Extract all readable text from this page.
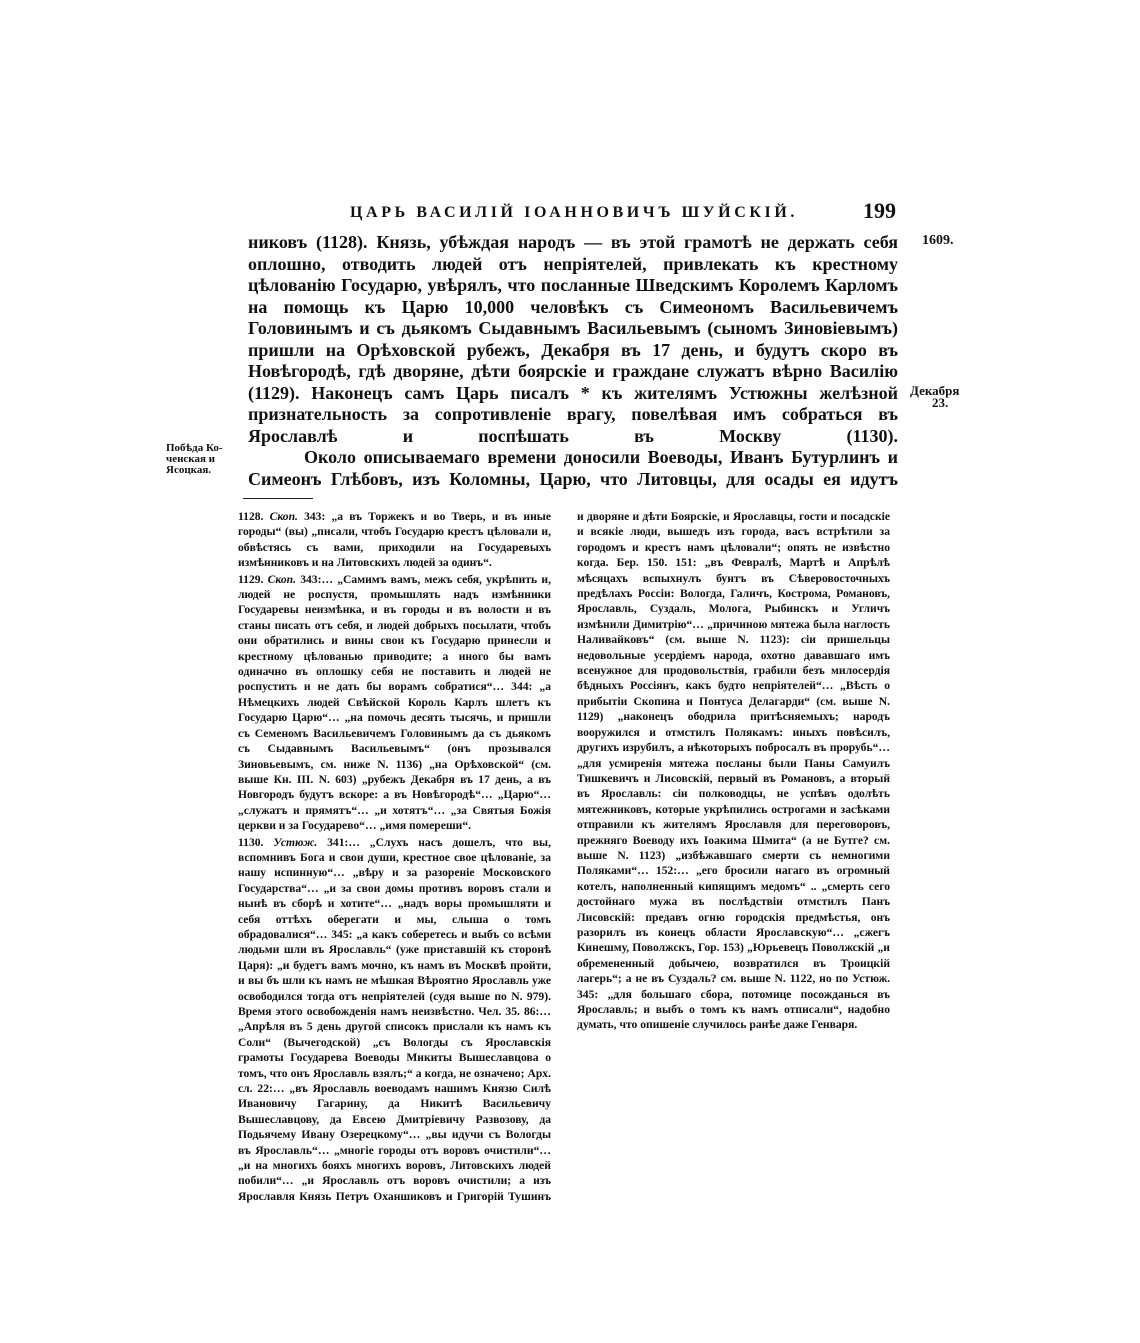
ЦАРЬ ВАСИЛІЙ ІОАННОВИЧЪ ШУЙСКІЙ.	199
1609.
Декабря
23.
Побѣда Ко-
ченская и
Ясоцкая.

никовъ (1128). Князь, убѣждая народъ — въ этой грамотѣ не держать себя оплошно, отводить людей отъ непріятелей, привлекать къ крестному цѣлованію Государю, увѣрялъ, что посланные Шведскимъ Королемъ Карломъ на помощь къ Царю 10,000 человѣкъ съ Симеономъ Васильевичемъ Головинымъ и съ дьякомъ Сыдавнымъ Васильевымъ (сыномъ Зиновіевымъ) пришли на Орѣховской рубежъ, Декабря въ 17 день, и будутъ скоро въ Новѣгородѣ, гдѣ дворяне, дѣти боярскіе и граждане служатъ вѣрно Василію (1129). Наконецъ самъ Царь писалъ * къ жителямъ Устюжны желѣзной признательность за сопротивленіе врагу, повелѣвая имъ собраться въ Ярославлѣ и поспѣшать въ Москву (1130).

Около описываемаго времени доносили Воеводы, Иванъ Бутурлинъ и Симеонъ Глѣбовъ, изъ Коломны, Царю, что Литовцы, для осады ея идутъ

1128. Скоп. 343: „а въ Торжекъ и во Тверь, и въ иные городы“ (вы) „писали, чтобъ Государю крестъ цѣловали и, обвѣстясь съ вами, приходили на Государевыхъ измѣнниковъ и на Литовскихъ людей за одинъ“.

1129. Скоп. 343:… „Самимъ вамъ, межъ себя, укрѣпить и, людей не роспустя, промышлять надъ измѣнники Государевы неизмѣнка, и въ городы и въ волости и въ станы писать отъ себя, и людей добрыхъ посылати, чтобъ они обратились и вины свои къ Государю принесли и крестному цѣлованью приводите; а иного бы вамъ одиначно въ оплошку себя не поставить и людей не роспустить и не дать бы ворамъ собратися“… 344: „а Нѣмецкихъ людей Свѣйской Король Карлъ шлетъ къ Государю Царю“… „на помочь десять тысячь, и пришли съ Семеномъ Васильевичемъ Головинымъ да съ дьякомъ съ Сыдавнымъ Васильевымъ“ (онъ прозывался Зиновьевымъ, см. ниже N. 1136) „на Орѣховской“ (см. выше Кн. III. N. 603) „рубежъ Декабря въ 17 день, а въ Новгородъ будутъ вскоре: а въ Новѣгородѣ“… „Царю“… „служатъ и прямятъ“… „и хотятъ“… „за Святыя Божія церкви и за Государево“… „имя помереши“.

1130. Устюж. 341:… „Слухъ насъ дошелъ, что вы, вспомнивъ Бога и свои души, крестное свое цѣлованіе, за нашу испинную“… „вѣру и за разореніе Московского Государства“… „и за свои домы противъ воровъ стали и нынѣ въ сборѣ и хотите“… „надъ воры промышляти и себя оттѣхъ оберегати и мы, слыша о томъ обрадовалися“… 345: „а какъ соберетесь и выбъ со всѣми людьми шли въ Ярославль“ (уже приставшій къ сторонѣ Царя): „и будетъ вамъ мочно, къ намъ въ Москвѣ пройти, и вы бъ шли къ намъ не мѣшкая Вѣроятно Ярославль уже освободился тогда отъ непріятелей (судя выше по N. 979). Время этого освобожденія намъ неизвѣстно. Чел. 35. 86:… „Апрѣля въ 5 день другой списокъ прислали къ намъ къ Соли“ (Вычегодской) „съ Вологды съ Ярославскія грамоты Государева Воеводы Микиты Вышеславцова о томъ, что онъ Ярославль взялъ;“ а когда, не означено; Арх. сл. 22:… „въ Ярославль воеводамъ нашимъ Князю Силѣ Ивановичу Гагарину, да Никитѣ Васильевичу Вышеславцову, да Евсею Дмитріевичу Развозову, да Подьячему Ивану Озерецкому“… „вы идучи съ Вологды въ Ярославль“… „многіе городы отъ воровъ очистили“… „и на многихъ бояхъ многихъ воровъ, Литовскихъ людей побили“… „и Ярославль отъ воровъ очистили; а изъ Ярославля Князь Петръ Оханшиковъ и Григорій Тушинъ и дворяне и дѣти Боярскіе, и Ярославцы, гости и посадскіе и всякіе люди, вышедъ изъ города, васъ встрѣтили за городомъ и крестъ намъ цѣловали“; опять не извѣстно когда. Бер. 150. 151: „въ Февралѣ, Мартѣ и Апрѣлѣ мѣсяцахъ вспыхнулъ бунтъ въ Сѣверовосточныхъ предѣлахъ Россіи: Вологда, Галичъ, Кострома, Романовъ, Ярославль, Суздаль, Молога, Рыбинскъ и Угличъ измѣнили Димитрію“… „причиною мятежа была наглость Наливайковъ“ (см. выше N. 1123): сіи пришельцы недовольные усердіемъ народа, охотно дававшаго имъ всенужное для продовольствія, грабили безъ милосердія бѣдныхъ Россіянъ, какъ будто непріятелей“… „Вѣсть о прибытіи Скопина и Понтуса Делагарди“ (см. выше N. 1129) „наконецъ ободрила притѣсняемыхъ; народъ вооружился и отмстилъ Полякамъ: иныхъ повѣсилъ, другихъ изрубилъ, а нѣкоторыхъ побросалъ въ прорубь“… „для усмиренія мятежа посланы были Паны Самуилъ Тишкевичъ и Лисовскій, первый въ Романовъ, а вторый въ Ярославль: сіи полководцы, не успѣвъ одолѣть мятежниковъ, которые укрѣпились острогами и засѣками отправили къ жителямъ Ярославля для переговоровъ, прежняго Воеводу ихъ Іоакима Шмита“ (а не Бутге? см. выше N. 1123) „избѣжавшаго смерти съ немногими Поляками“… 152:… „его бросили нагаго въ огромный котелъ, наполненный кипящимъ медомъ“ .. „смерть сего достойнаго мужа въ послѣдствіи отмстилъ Панъ Лисовскій: предавъ огню городскія предмѣстья, онъ разорилъ въ конецъ области Ярославскую“… „сжегъ Кинешму, Поволжскъ, Гор. 153) „Юрьевецъ Поволжскій „и обремененный добычею, возвратился въ Троицкій лагерь“; а не въ Суздаль? см. выше N. 1122, но по Устюж. 345: „для большаго сбора, потомице посожданься въ Ярославль; и выбъ о томъ къ намъ отписали“, надобно думать, что опишеніе случилось ранѣе даже Генваря.
